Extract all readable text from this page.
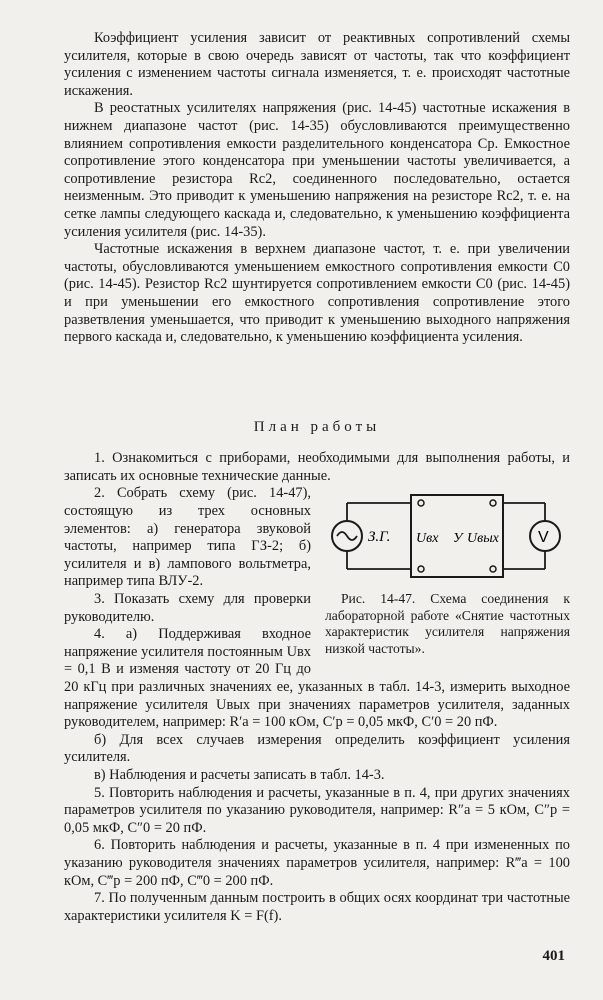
Коэффициент усиления зависит от реактивных сопротивлений схемы усилителя, которые в свою очередь зависят от частоты, так что коэффициент усиления с изменением частоты сигнала изменяется, т. е. происходят частотные искажения.

В реостатных усилителях напряжения (рис. 14-45) частотные искажения в нижнем диапазоне частот (рис. 14-35) обусловливаются преимущественно влиянием сопротивления емкости разделительного конденсатора Cр. Емкостное сопротивление этого конденсатора при уменьшении частоты увеличивается, а сопротивление резистора Rс2, соединенного последовательно, остается неизменным. Это приводит к уменьшению напряжения на резисторе Rс2, т. е. на сетке лампы следующего каскада и, следовательно, к уменьшению коэффициента усиления усилителя (рис. 14-35).

Частотные искажения в верхнем диапазоне частот, т. е. при увеличении частоты, обусловливаются уменьшением емкостного сопротивления емкости C0 (рис. 14-45). Резистор Rс2 шунтируется сопротивлением емкости C0 (рис. 14-45) и при уменьшении его емкостного сопротивления сопротивление этого разветвления уменьшается, что приводит к уменьшению выходного напряжения первого каскада и, следовательно, к уменьшению коэффициента усиления.

План работы

1. Ознакомиться с приборами, необходимыми для выполнения работы, и записать их основные технические данные.

З.Г. Uвх У Uвых V

Рис. 14-47. Схема соединения к лабораторной работе «Снятие частотных характеристик усилителя напряжения низкой частоты».

2. Собрать схему (рис. 14-47), состоящую из трех основных элементов: а) генератора звуковой частоты, например типа ГЗ-2; б) усилителя и в) лампового вольтметра, например типа ВЛУ-2.

3. Показать схему для проверки руководителю.

4. а) Поддерживая входное напряжение усилителя постоянным Uвх = 0,1 В и изменяя частоту от 20 Гц до 20 кГц при различных значениях ее, указанных в табл. 14-3, измерить выходное напряжение усилителя Uвых при значениях параметров усилителя, заданных руководителем, например: R′a = 100 кОм, C′р = 0,05 мкФ, C′0 = 20 пФ.

б) Для всех случаев измерения определить коэффициент усиления усилителя.

в) Наблюдения и расчеты записать в табл. 14-3.

5. Повторить наблюдения и расчеты, указанные в п. 4, при других значениях параметров усилителя по указанию руководителя, например: R″a = 5 кОм, C″р = 0,05 мкФ, C″0 = 20 пФ.

6. Повторить наблюдения и расчеты, указанные в п. 4 при измененных по указанию руководителя значениях параметров усилителя, например: R‴a = 100 кОм, C‴р = 200 пФ, C‴0 = 200 пФ.

7. По полученным данным построить в общих осях координат три частотные характеристики усилителя K = F(f).

401
